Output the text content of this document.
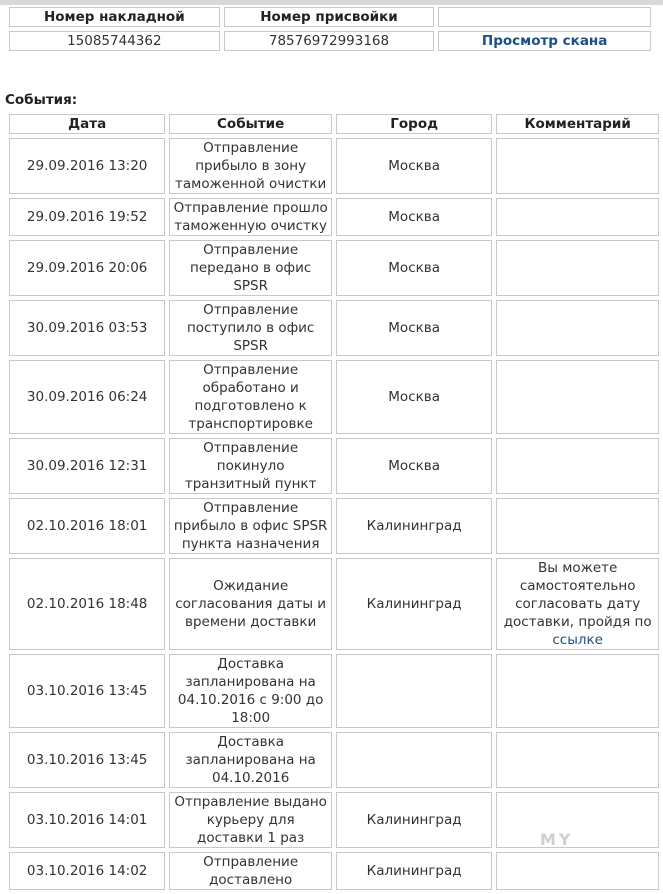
Номер накладной	Номер присвойки	
15085744362	78576972993168	Просмотр скана
События:
Дата	Событие	Город	Комментарий
29.09.2016 13:20	Отправление прибыло в зону таможенной очистки	Москва	
29.09.2016 19:52	Отправление прошло таможенную очистку	Москва	
29.09.2016 20:06	Отправление передано в офис SPSR	Москва	
30.09.2016 03:53	Отправление поступило в офис SPSR	Москва	
30.09.2016 06:24	Отправление обработано и подготовлено к транспортировке	Москва	
30.09.2016 12:31	Отправление покинуло транзитный пункт	Москва	
02.10.2016 18:01	Отправление прибыло в офис SPSR пункта назначения	Калининград	
02.10.2016 18:48	Ожидание согласования даты и времени доставки	Калининград	Вы можете самостоятельно согласовать дату доставки, пройдя по ссылке
03.10.2016 13:45	Доставка запланирована на 04.10.2016 с 9:00 до 18:00		
03.10.2016 13:45	Доставка запланирована на 04.10.2016		
03.10.2016 14:01	Отправление выдано курьеру для доставки 1 раз	Калининград	
03.10.2016 14:02	Отправление доставлено	Калининград	
MY
